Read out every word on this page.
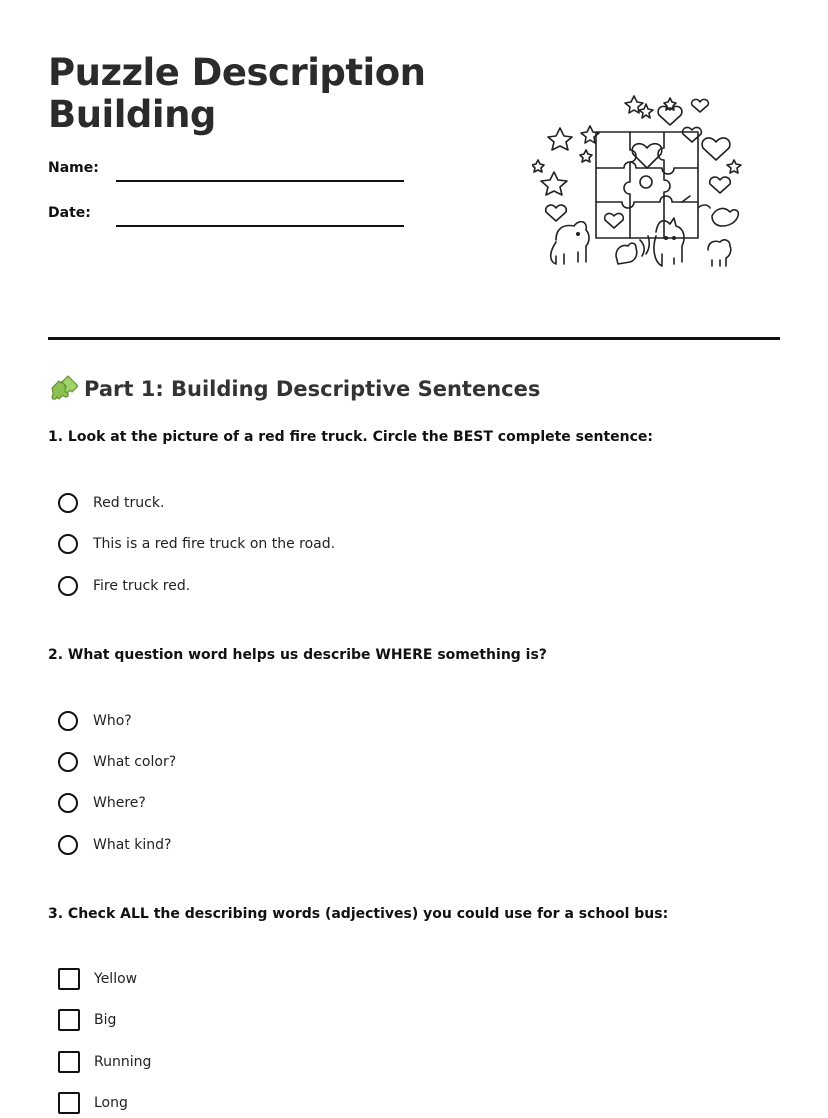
Puzzle Description
Building
Name:
Date:
Part 1: Building Descriptive Sentences

1. Look at the picture of a red fire truck. Circle the BEST complete sentence:

Red truck.
This is a red fire truck on the road.
Fire truck red.

2. What question word helps us describe WHERE something is?

Who?
What color?
Where?
What kind?

3. Check ALL the describing words (adjectives) you could use for a school bus:

Yellow
Big
Running
Long
